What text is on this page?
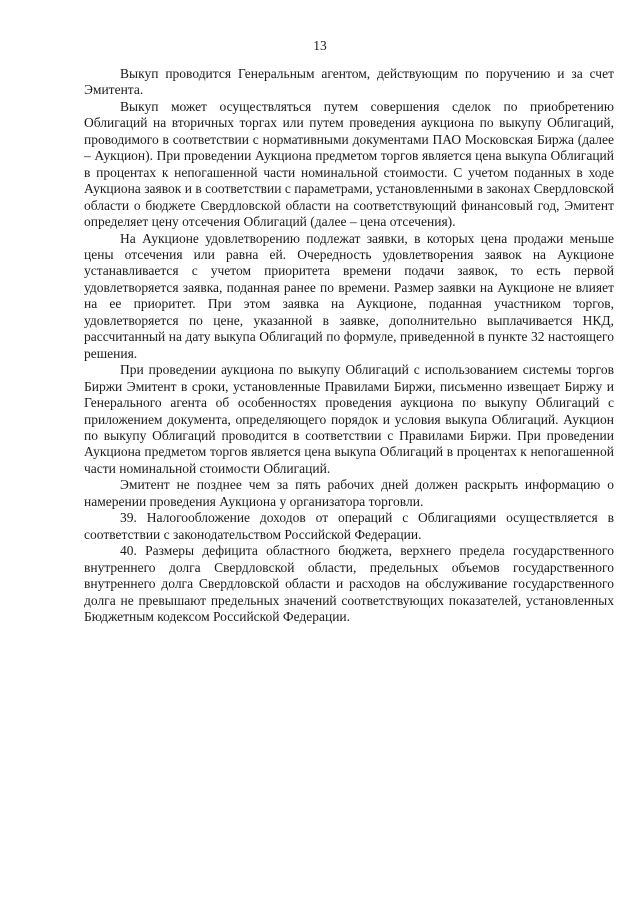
13

Выкуп проводится Генеральным агентом, действующим по поручению и за счет Эмитента.

Выкуп может осуществляться путем совершения сделок по приобретению Облигаций на вторичных торгах или путем проведения аукциона по выкупу Облигаций, проводимого в соответствии с нормативными документами ПАО Московская Биржа (далее – Аукцион). При проведении Аукциона предметом торгов является цена выкупа Облигаций в процентах к непогашенной части номинальной стоимости. С учетом поданных в ходе Аукциона заявок и в соответствии с параметрами, установленными в законах Свердловской области о бюджете Свердловской области на соответствующий финансовый год, Эмитент определяет цену отсечения Облигаций (далее – цена отсечения).

На Аукционе удовлетворению подлежат заявки, в которых цена продажи меньше цены отсечения или равна ей. Очередность удовлетворения заявок на Аукционе устанавливается с учетом приоритета времени подачи заявок, то есть первой удовлетворяется заявка, поданная ранее по времени. Размер заявки на Аукционе не влияет на ее приоритет. При этом заявка на Аукционе, поданная участником торгов, удовлетворяется по цене, указанной в заявке, дополнительно выплачивается НКД, рассчитанный на дату выкупа Облигаций по формуле, приведенной в пункте 32 настоящего решения.

При проведении аукциона по выкупу Облигаций с использованием системы торгов Биржи Эмитент в сроки, установленные Правилами Биржи, письменно извещает Биржу и Генерального агента об особенностях проведения аукциона по выкупу Облигаций с приложением документа, определяющего порядок и условия выкупа Облигаций. Аукцион по выкупу Облигаций проводится в соответствии с Правилами Биржи. При проведении Аукциона предметом торгов является цена выкупа Облигаций в процентах к непогашенной части номинальной стоимости Облигаций.

Эмитент не позднее чем за пять рабочих дней должен раскрыть информацию о намерении проведения Аукциона у организатора торговли.

39. Налогообложение доходов от операций с Облигациями осуществляется в соответствии с законодательством Российской Федерации.

40. Размеры дефицита областного бюджета, верхнего предела государственного внутреннего долга Свердловской области, предельных объемов государственного внутреннего долга Свердловской области и расходов на обслуживание государственного долга не превышают предельных значений соответствующих показателей, установленных Бюджетным кодексом Российской Федерации.
